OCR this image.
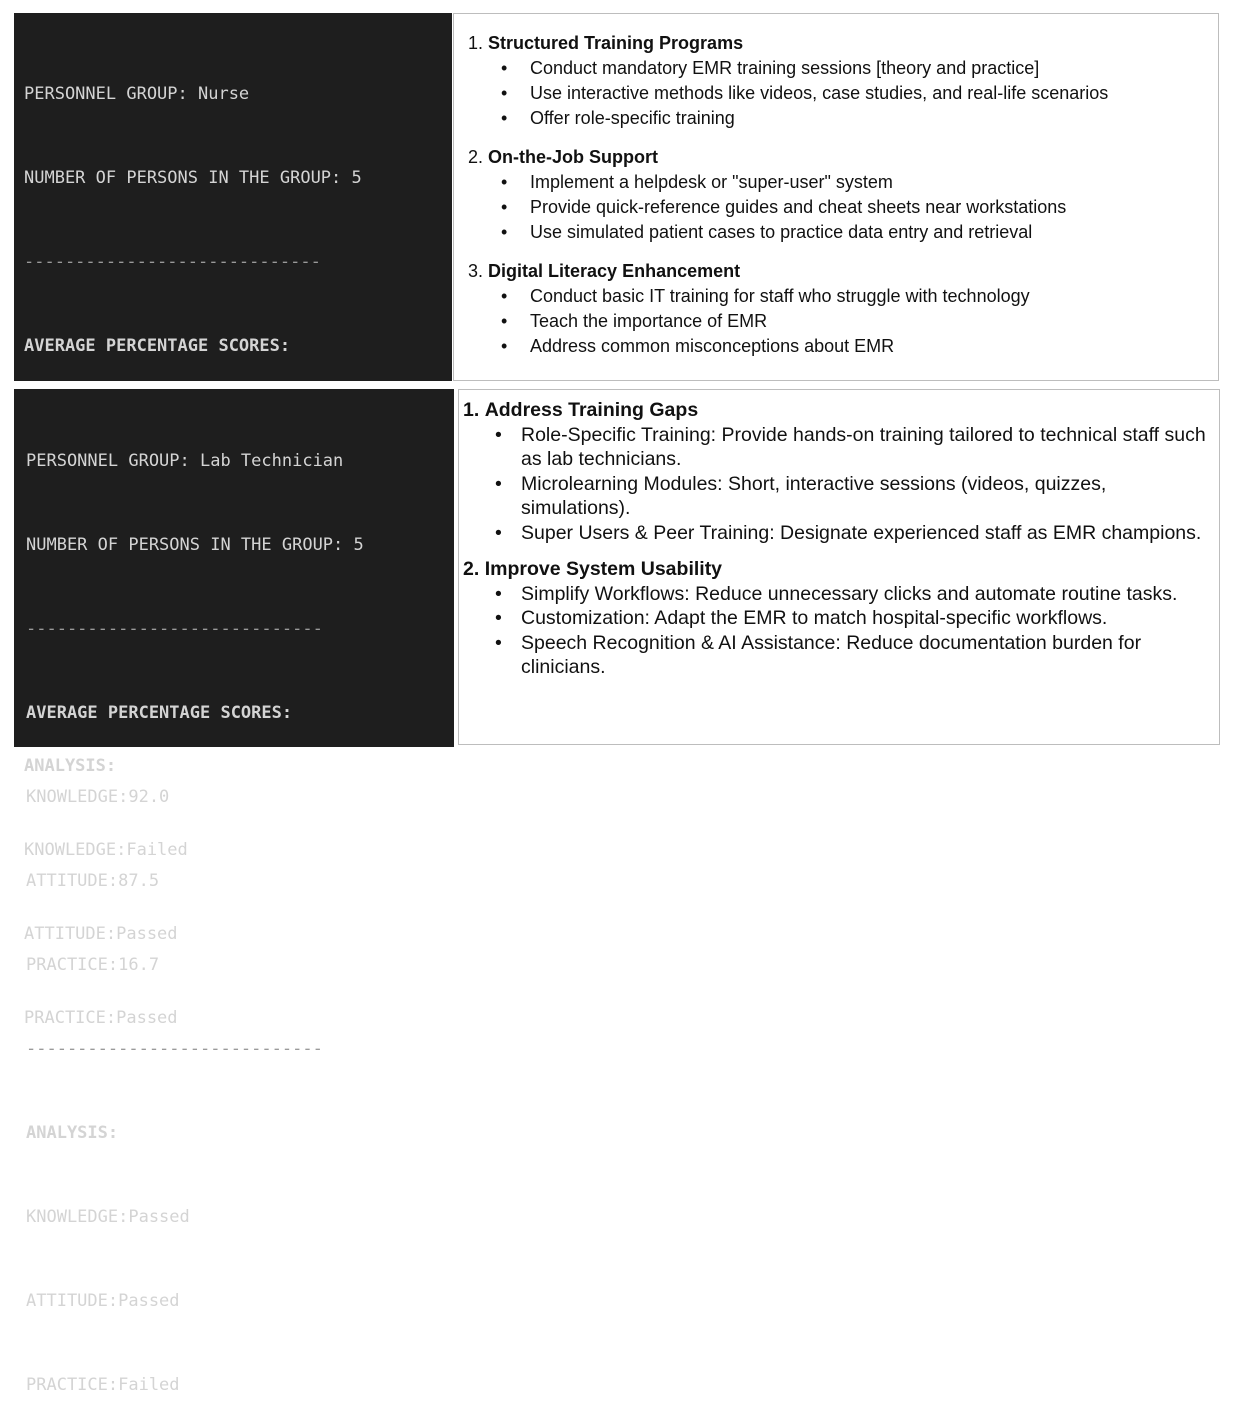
PERSONNEL GROUP: Nurse

NUMBER OF PERSONS IN THE GROUP: 5

-----------------------------

AVERAGE PERCENTAGE SCORES:

ANALYSIS:

KNOWLEDGE:Failed

ATTITUDE:Passed

PRACTICE:Passed

1. Structured Training Programs
• Conduct mandatory EMR training sessions [theory and practice]
• Use interactive methods like videos, case studies, and real-life scenarios
• Offer role-specific training
2. On-the-Job Support
• Implement a helpdesk or "super-user" system
• Provide quick-reference guides and cheat sheets near workstations
• Use simulated patient cases to practice data entry and retrieval
3. Digital Literacy Enhancement
• Conduct basic IT training for staff who struggle with technology
• Teach the importance of EMR
• Address common misconceptions about EMR

PERSONNEL GROUP: Lab Technician

NUMBER OF PERSONS IN THE GROUP: 5

-----------------------------

AVERAGE PERCENTAGE SCORES:

KNOWLEDGE:92.0

ATTITUDE:87.5

PRACTICE:16.7

-----------------------------

ANALYSIS:

KNOWLEDGE:Passed

ATTITUDE:Passed

PRACTICE:Failed

1. Address Training Gaps
• Role-Specific Training: Provide hands-on training tailored to technical staff such as lab technicians.
• Microlearning Modules: Short, interactive sessions (videos, quizzes, simulations).
• Super Users & Peer Training: Designate experienced staff as EMR champions.
2. Improve System Usability
• Simplify Workflows: Reduce unnecessary clicks and automate routine tasks.
• Customization: Adapt the EMR to match hospital-specific workflows.
• Speech Recognition & AI Assistance: Reduce documentation burden for clinicians.
